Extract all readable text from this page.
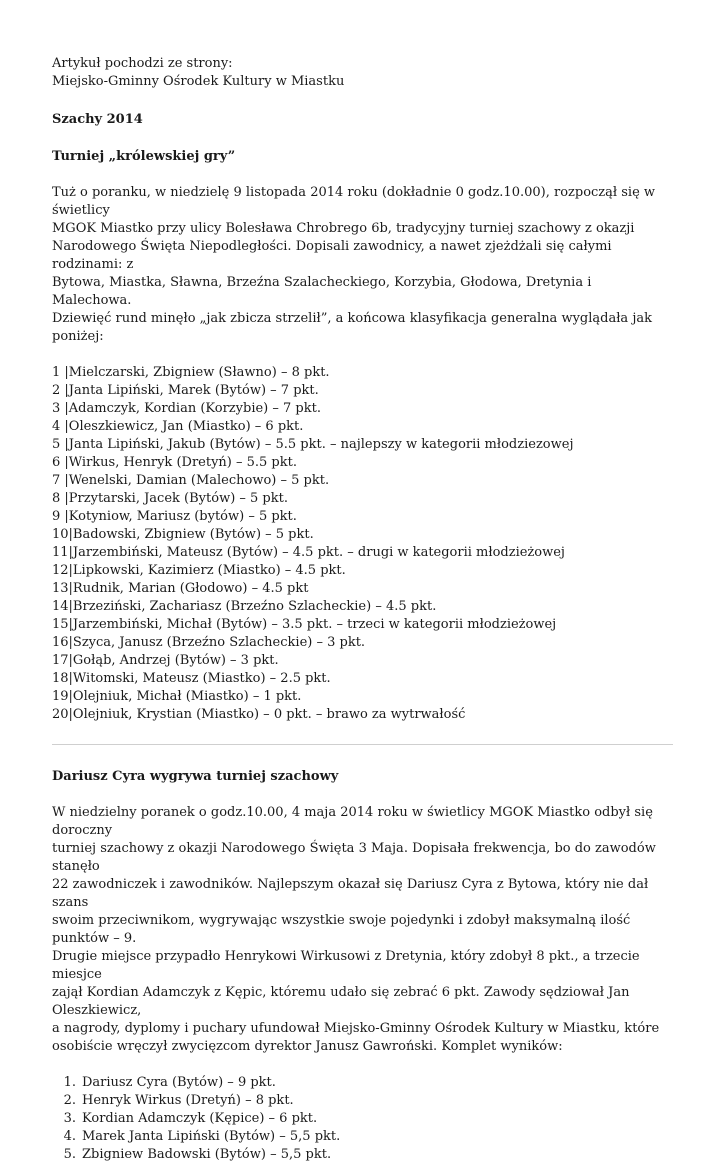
Artykuł pochodzi ze strony:

Miejsko-Gminny Ośrodek Kultury w Miastku

Szachy 2014

Turniej „królewskiej gry”

Tuż o poranku, w niedzielę 9 listopada 2014 roku (dokładnie 0 godz.10.00), rozpoczął się w świetlicy
MGOK Miastko przy ulicy Bolesława Chrobrego 6b, tradycyjny turniej szachowy z okazji
Narodowego Święta Niepodległości. Dopisali zawodnicy, a nawet zjeżdżali się całymi rodzinami: z
Bytowa, Miastka, Sławna, Brzeźna Szalacheckiego, Korzybia, Głodowa, Dretynia i Malechowa.
Dziewięć rund minęło „jak zbicza strzelił”, a końcowa klasyfikacja generalna wyglądała jak poniżej:
1 |Mielczarski, Zbigniew (Sławno) – 8 pkt.
2 |Janta Lipiński, Marek (Bytów) – 7 pkt.
3 |Adamczyk, Kordian (Korzybie) – 7 pkt.
4 |Oleszkiewicz, Jan (Miastko) – 6 pkt.
5 |Janta Lipiński, Jakub (Bytów) – 5.5 pkt. – najlepszy w kategorii młodziezowej
6 |Wirkus, Henryk (Dretyń) – 5.5 pkt.
7 |Wenelski, Damian (Malechowo) – 5 pkt.
8 |Przytarski, Jacek (Bytów) – 5 pkt.
9 |Kotyniow, Mariusz (bytów) – 5 pkt.
10|Badowski, Zbigniew (Bytów) – 5 pkt.
11|Jarzembiński, Mateusz (Bytów) – 4.5 pkt. – drugi w kategorii młodzieżowej
12|Lipkowski, Kazimierz (Miastko) – 4.5 pkt.
13|Rudnik, Marian (Głodowo) – 4.5 pkt
14|Brzeziński, Zachariasz (Brzeźno Szlacheckie) – 4.5 pkt.
15|Jarzembiński, Michał (Bytów) – 3.5 pkt. – trzeci w kategorii młodzieżowej
16|Szyca, Janusz (Brzeźno Szlacheckie) – 3 pkt.
17|Gołąb, Andrzej (Bytów) – 3 pkt.
18|Witomski, Mateusz (Miastko) – 2.5 pkt.
19|Olejniuk, Michał (Miastko) – 1 pkt.
20|Olejniuk, Krystian (Miastko) – 0 pkt. – brawo za wytrwałość

Dariusz Cyra wygrywa turniej szachowy

W niedzielny poranek o godz.10.00, 4 maja 2014 roku w świetlicy MGOK Miastko odbył się doroczny
turniej szachowy z okazji Narodowego Święta 3 Maja. Dopisała frekwencja, bo do zawodów stanęło
22 zawodniczek i zawodników. Najlepszym okazał się Dariusz Cyra z Bytowa, który nie dał szans
swoim przeciwnikom, wygrywając wszystkie swoje pojedynki i zdobył maksymalną ilość punktów – 9.
Drugie miejsce przypadło Henrykowi Wirkusowi z Dretynia, który zdobył 8 pkt., a trzecie miesjce
zajął Kordian Adamczyk z Kępic, któremu udało się zebrać 6 pkt. Zawody sędziował Jan Oleszkiewicz,
a nagrody, dyplomy i puchary ufundował Miejsko-Gminny Ośrodek Kultury w Miastku, które
osobiście wręczył zwycięzcom dyrektor Janusz Gawroński. Komplet wyników:
1. Dariusz Cyra (Bytów) – 9 pkt.
2. Henryk Wirkus (Dretyń) – 8 pkt.
3. Kordian Adamczyk (Kępice) – 6 pkt.
4. Marek Janta Lipiński (Bytów) – 5,5 pkt.
5. Zbigniew Badowski (Bytów) – 5,5 pkt.
